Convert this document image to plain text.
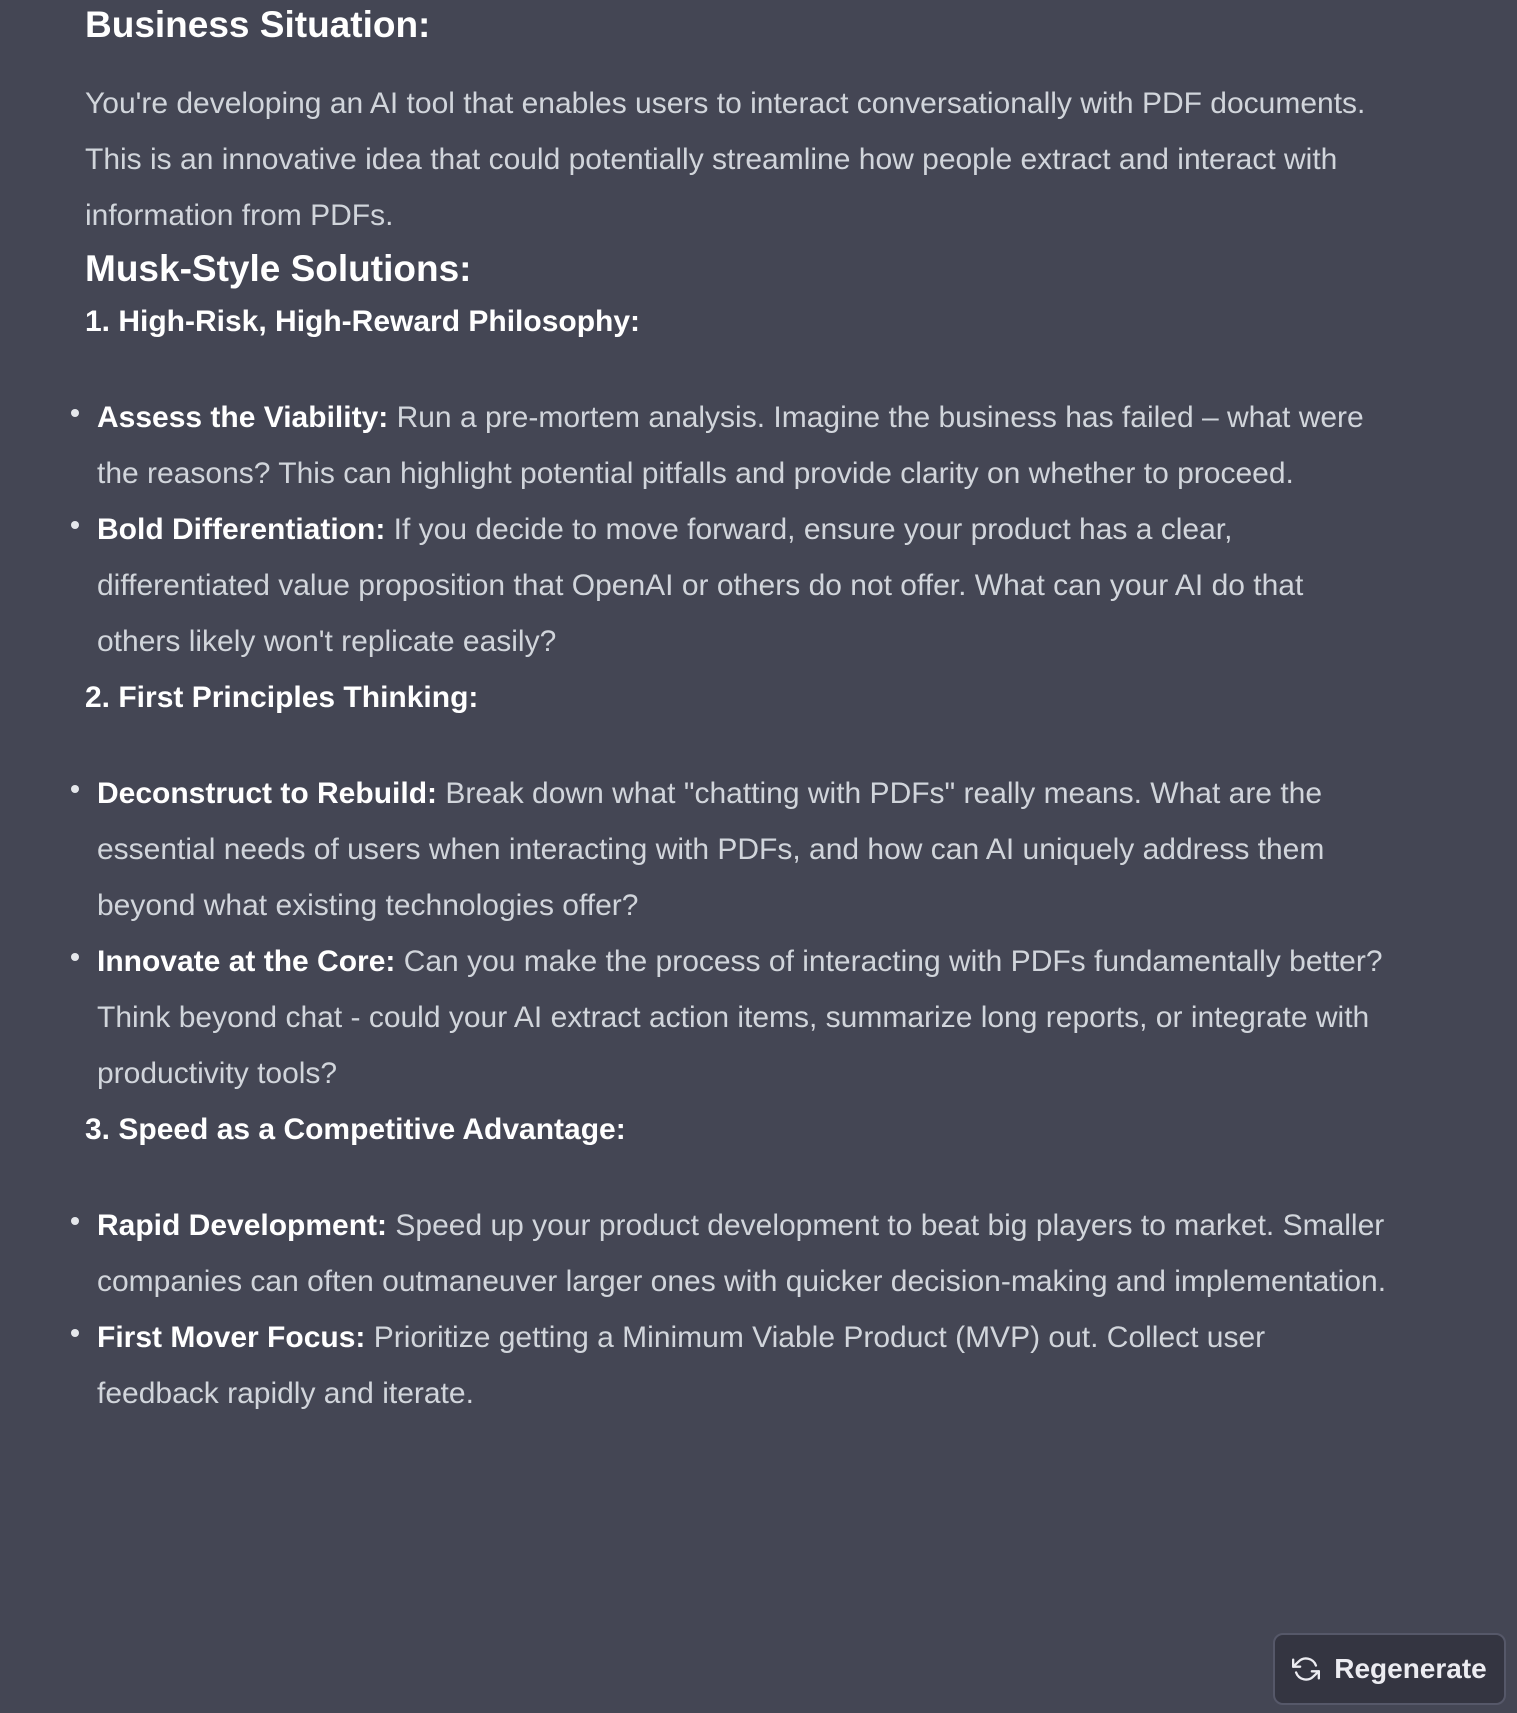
Business Situation:

You're developing an AI tool that enables users to interact conversationally with PDF documents. This is an innovative idea that could potentially streamline how people extract and interact with information from PDFs.

Musk-Style Solutions:
1. High-Risk, High-Reward Philosophy:
Assess the Viability: Run a pre-mortem analysis. Imagine the business has failed – what were the reasons? This can highlight potential pitfalls and provide clarity on whether to proceed.
Bold Differentiation: If you decide to move forward, ensure your product has a clear, differentiated value proposition that OpenAI or others do not offer. What can your AI do that others likely won't replicate easily?
2. First Principles Thinking:
Deconstruct to Rebuild: Break down what "chatting with PDFs" really means. What are the essential needs of users when interacting with PDFs, and how can AI uniquely address them beyond what existing technologies offer?
Innovate at the Core: Can you make the process of interacting with PDFs fundamentally better? Think beyond chat - could your AI extract action items, summarize long reports, or integrate with productivity tools?
3. Speed as a Competitive Advantage:
Rapid Development: Speed up your product development to beat big players to market. Smaller companies can often outmaneuver larger ones with quicker decision-making and implementation.
First Mover Focus: Prioritize getting a Minimum Viable Product (MVP) out. Collect user feedback rapidly and iterate.
Regenerate
